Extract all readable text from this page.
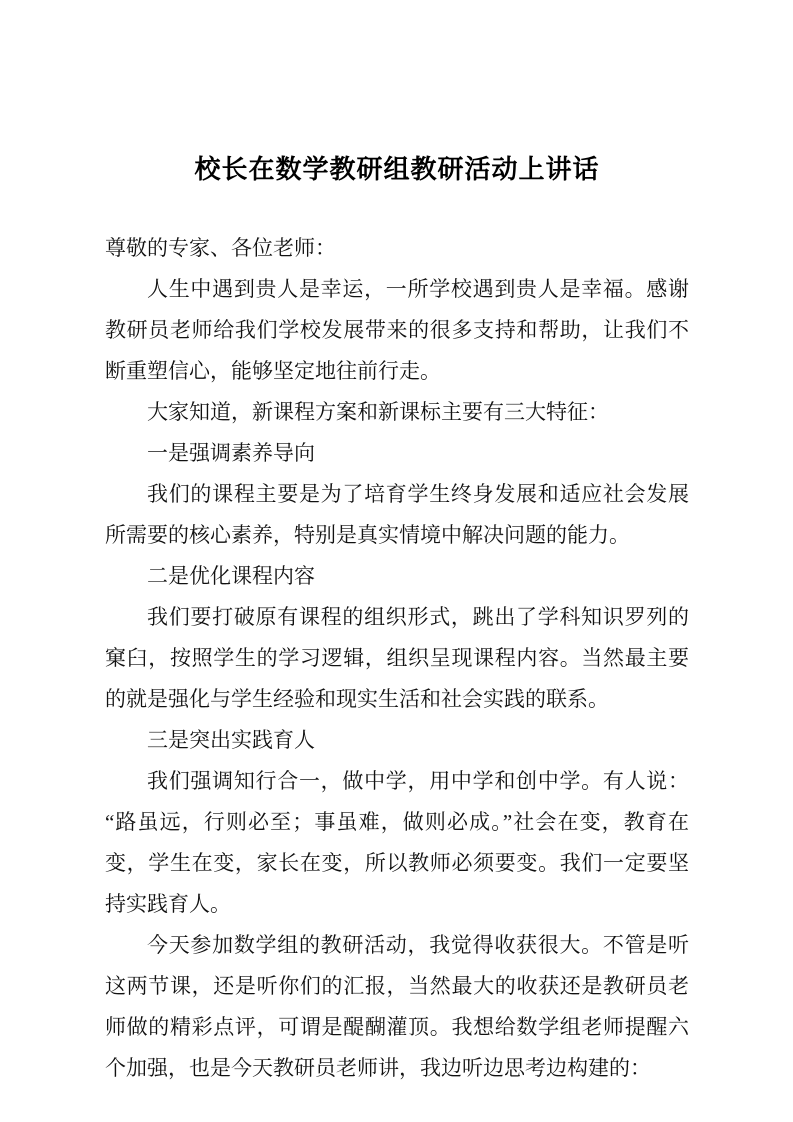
校长在数学教研组教研活动上讲话

尊敬的专家、各位老师：

人生中遇到贵人是幸运，一所学校遇到贵人是幸福。感谢教研员老师给我们学校发展带来的很多支持和帮助，让我们不断重塑信心，能够坚定地往前行走。

大家知道，新课程方案和新课标主要有三大特征：

一是强调素养导向

我们的课程主要是为了培育学生终身发展和适应社会发展所需要的核心素养，特别是真实情境中解决问题的能力。

二是优化课程内容

我们要打破原有课程的组织形式，跳出了学科知识罗列的窠臼，按照学生的学习逻辑，组织呈现课程内容。当然最主要的就是强化与学生经验和现实生活和社会实践的联系。

三是突出实践育人

我们强调知行合一，做中学，用中学和创中学。有人说：“路虽远，行则必至；事虽难，做则必成。”社会在变，教育在变，学生在变，家长在变，所以教师必须要变。我们一定要坚持实践育人。

今天参加数学组的教研活动，我觉得收获很大。不管是听这两节课，还是听你们的汇报，当然最大的收获还是教研员老师做的精彩点评，可谓是醍醐灌顶。我想给数学组老师提醒六个加强，也是今天教研员老师讲，我边听边思考边构建的：
